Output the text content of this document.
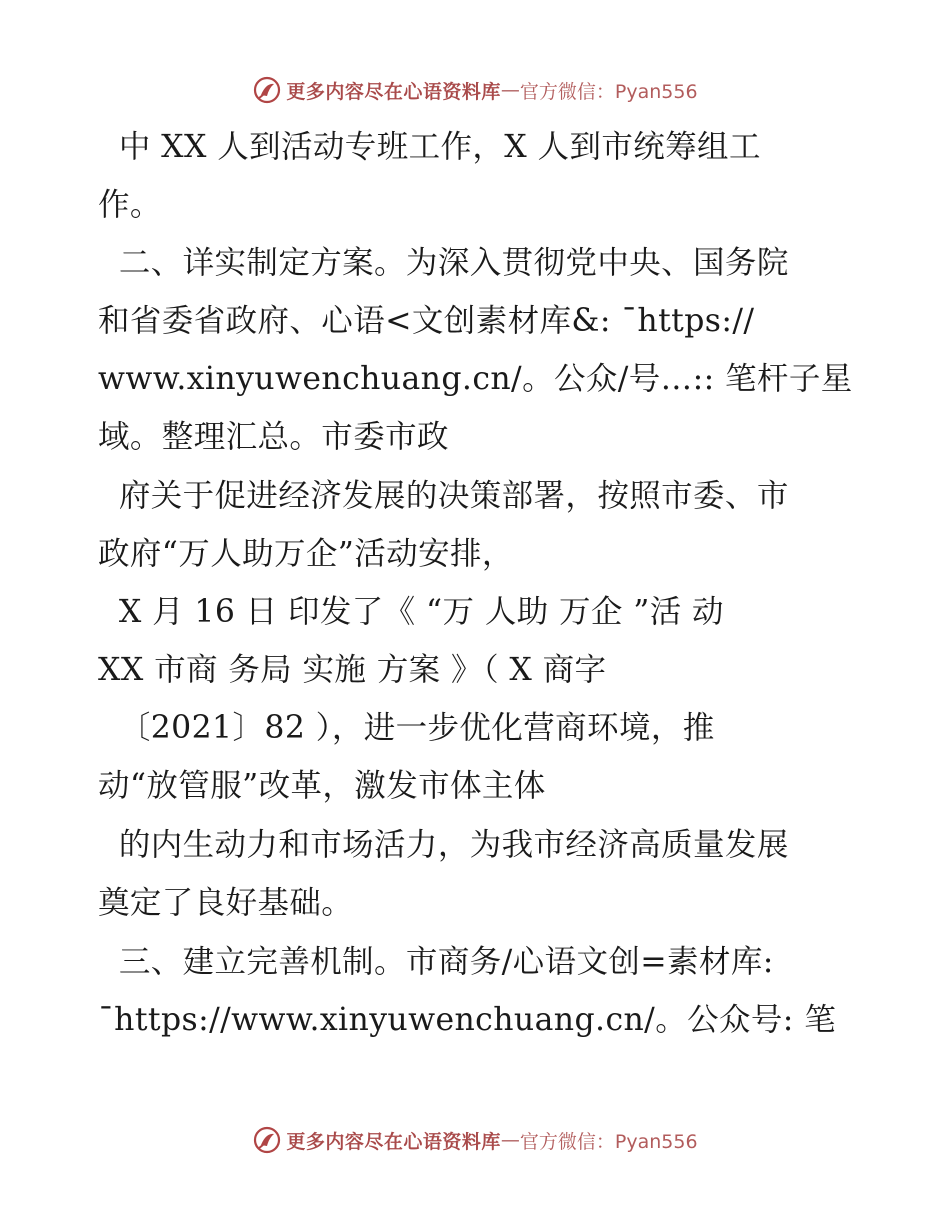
更多内容尽在心语资料库 — 官方微信：Pyan556
中 XX 人到活动专班工作，X 人到市统筹组工
作。
二、详实制定方案。为深入贯彻党中央、国务院
和省委省政府、心语<文创素材库&: ¯https://
www.xinyuwenchuang.cn/。公众/号…:: 笔杆子星
域。整理汇总。市委市政
府关于促进经济发展的决策部署，按照市委、市
政府“万人助万企”活动安排，
X 月 16 日 印发了《 “万 人助 万企 ”活 动
XX 市商 务局 实施 方案 》（ X 商字
〔2021〕82 ），进一步优化营商环境，推
动“放管服”改革，激发市体主体
的内生动力和市场活力，为我市经济高质量发展
奠定了良好基础。
三、建立完善机制。市商务/心语文创=素材库:
¯https://www.xinyuwenchuang.cn/。公众号: 笔
更多内容尽在心语资料库 — 官方微信：Pyan556
